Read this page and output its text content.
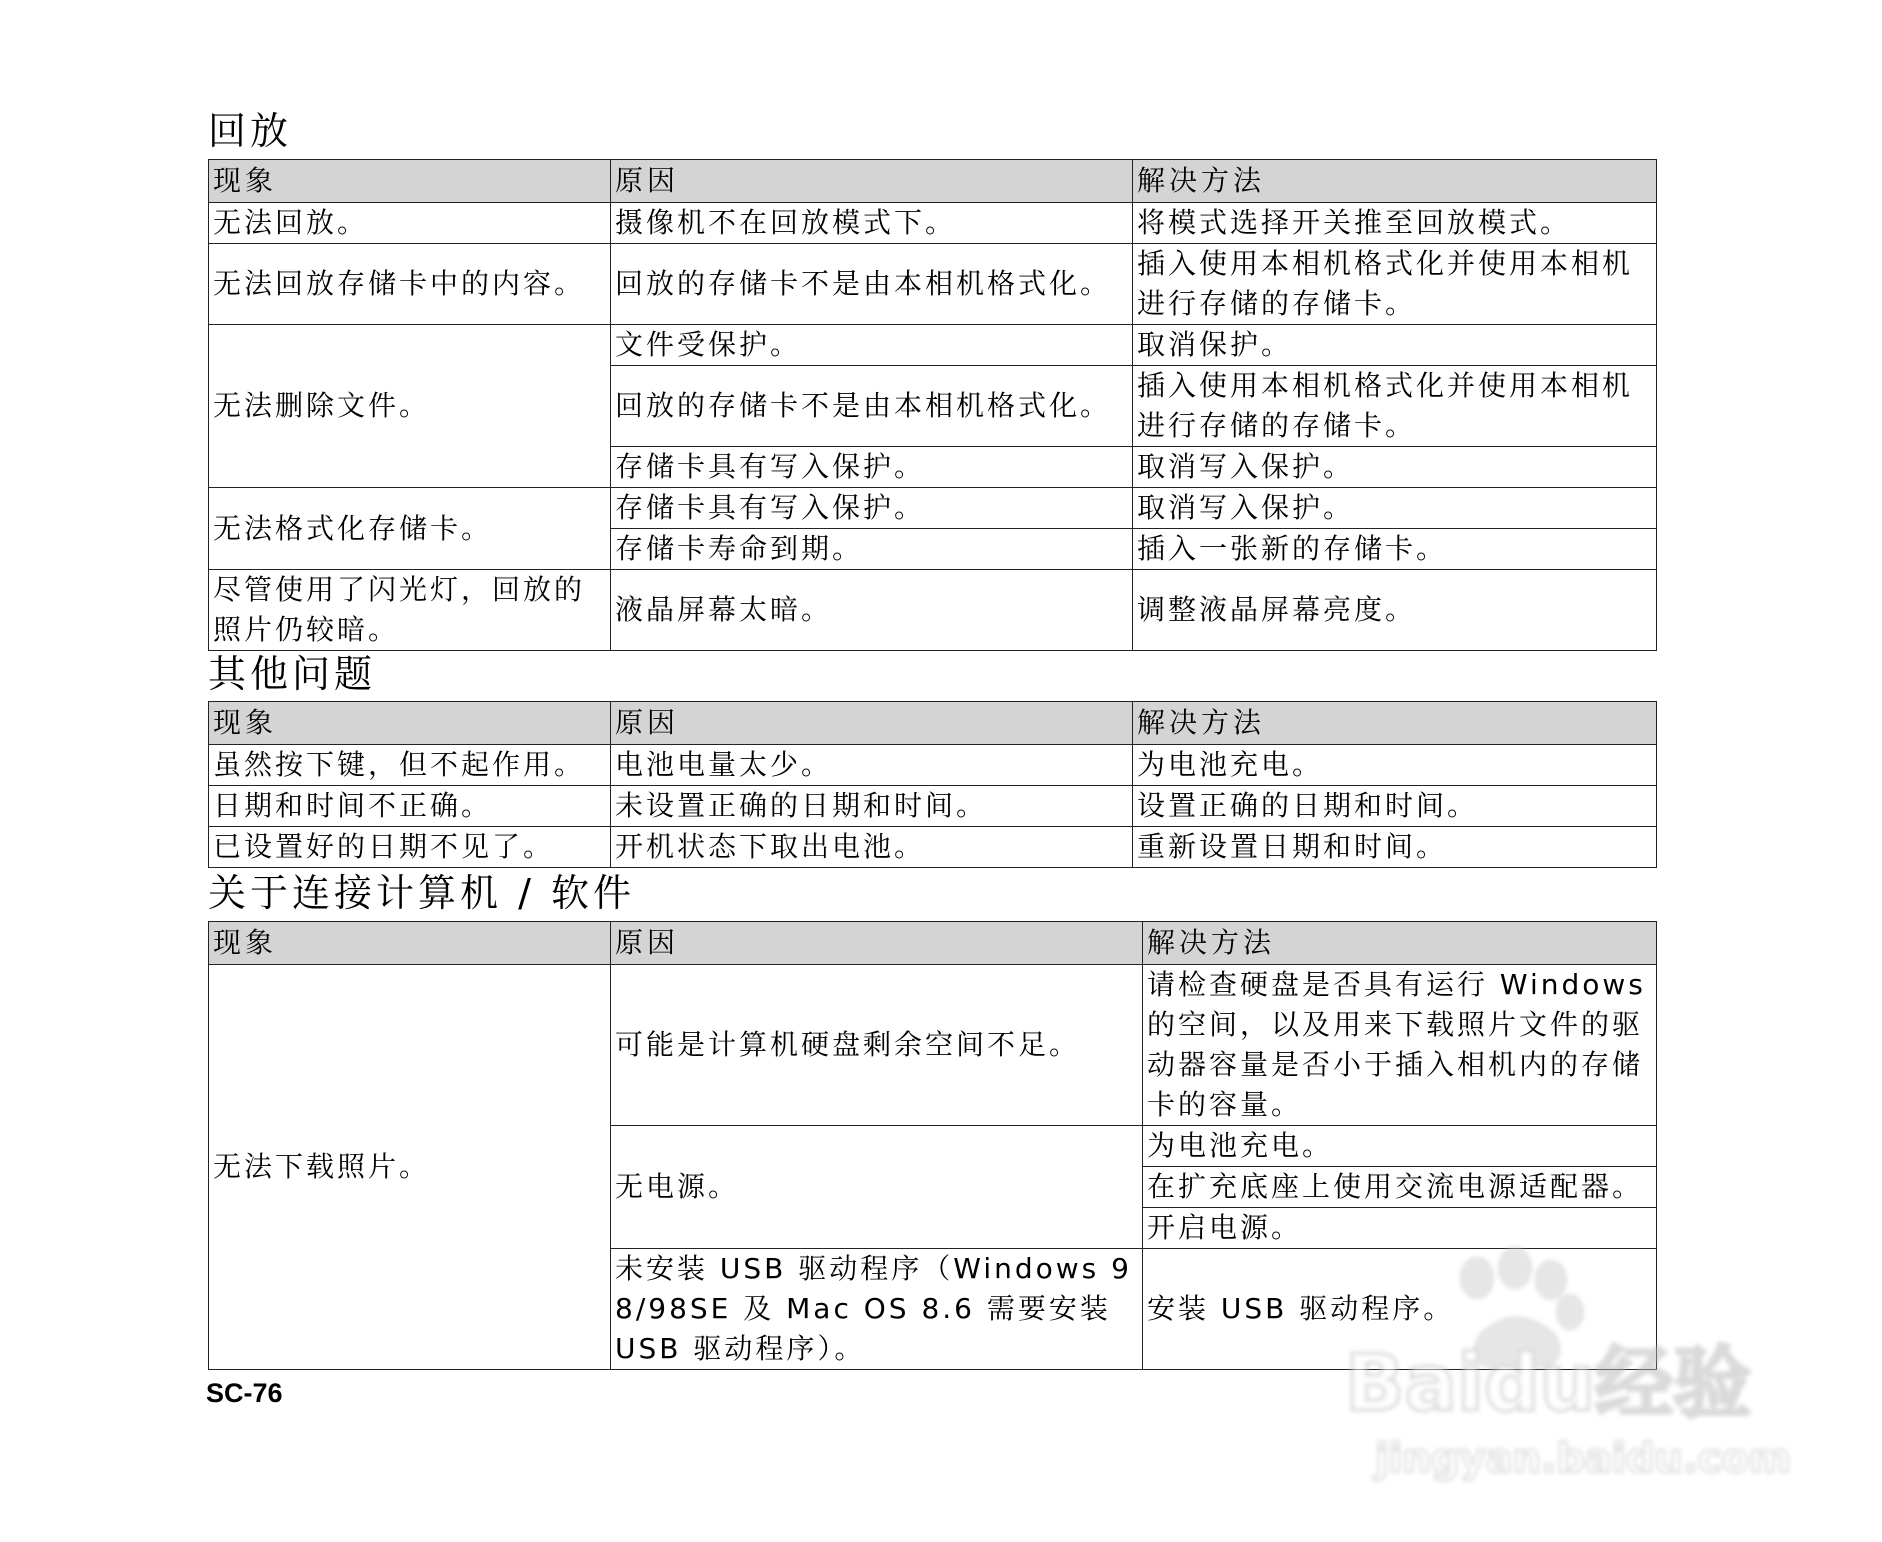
回放
现象	原因	解决方法
无法回放。	摄像机不在回放模式下。	将模式选择开关推至回放模式。
无法回放存储卡中的内容。	回放的存储卡不是由本相机格式化。	插入使用本相机格式化并使用本相机进行存储的存储卡。
无法删除文件。	文件受保护。	取消保护。
	回放的存储卡不是由本相机格式化。	插入使用本相机格式化并使用本相机进行存储的存储卡。
	存储卡具有写入保护。	取消写入保护。
无法格式化存储卡。	存储卡具有写入保护。	取消写入保护。
	存储卡寿命到期。	插入一张新的存储卡。
尽管使用了闪光灯，回放的照片仍较暗。	液晶屏幕太暗。	调整液晶屏幕亮度。
其他问题
现象	原因	解决方法
虽然按下键，但不起作用。	电池电量太少。	为电池充电。
日期和时间不正确。	未设置正确的日期和时间。	设置正确的日期和时间。
已设置好的日期不见了。	开机状态下取出电池。	重新设置日期和时间。
关于连接计算机 / 软件
现象	原因	解决方法
无法下载照片。	可能是计算机硬盘剩余空间不足。	请检查硬盘是否具有运行 Windows 的空间，以及用来下载照片文件的驱动器容量是否小于插入相机内的存储卡的容量。
	无电源。	为电池充电。
		在扩充底座上使用交流电源适配器。
		开启电源。
	未安装 USB 驱动程序（Windows 98/98SE 及 Mac OS 8.6 需要安装 USB 驱动程序）。	安装 USB 驱动程序。
SC-76	Baidu经验
jingyan.baidu.com
